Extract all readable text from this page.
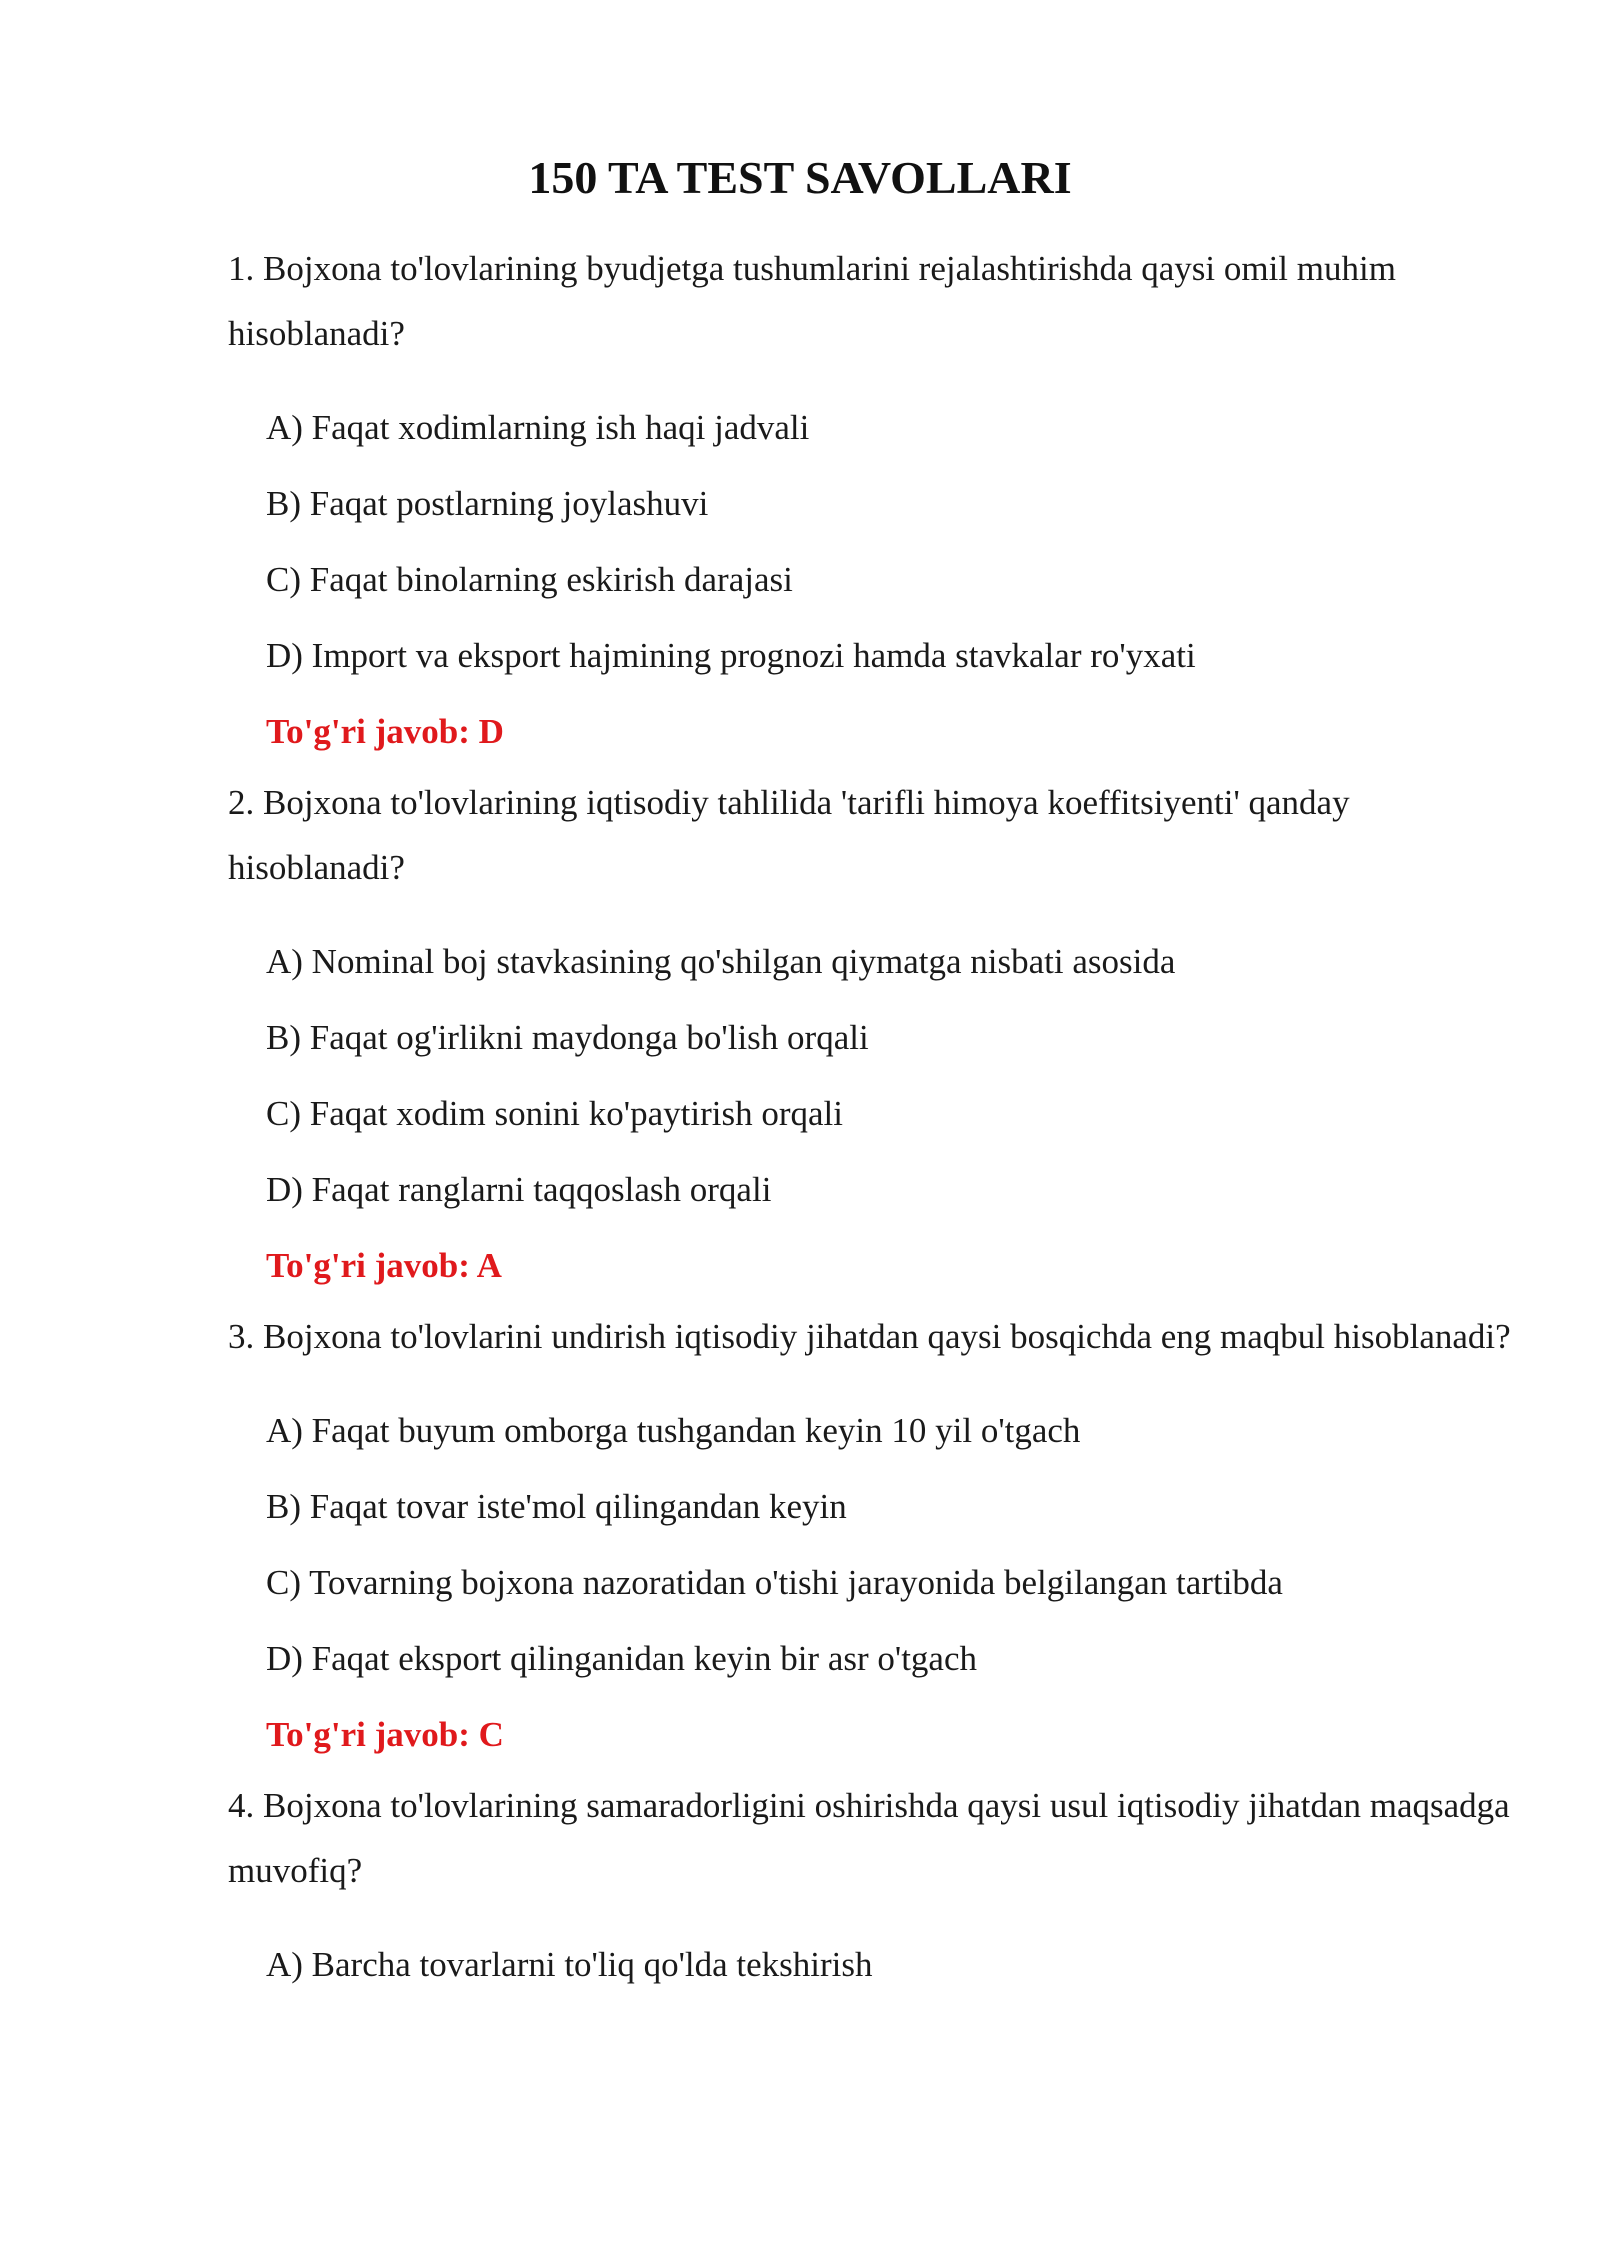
150 TA TEST SAVOLLARI

1. Bojxona to'lovlarining byudjetga tushumlarini rejalashtirishda qaysi omil muhim hisoblanadi?

A) Faqat xodimlarning ish haqi jadvali
B) Faqat postlarning joylashuvi
C) Faqat binolarning eskirish darajasi
D) Import va eksport hajmining prognozi hamda stavkalar ro'yxati

To'g'ri javob: D

2. Bojxona to'lovlarining iqtisodiy tahlilida 'tarifli himoya koeffitsiyenti' qanday hisoblanadi?

A) Nominal boj stavkasining qo'shilgan qiymatga nisbati asosida
B) Faqat og'irlikni maydonga bo'lish orqali
C) Faqat xodim sonini ko'paytirish orqali
D) Faqat ranglarni taqqoslash orqali

To'g'ri javob: A

3. Bojxona to'lovlarini undirish iqtisodiy jihatdan qaysi bosqichda eng maqbul hisoblanadi?

A) Faqat buyum omborga tushgandan keyin 10 yil o'tgach
B) Faqat tovar iste'mol qilingandan keyin
C) Tovarning bojxona nazoratidan o'tishi jarayonida belgilangan tartibda
D) Faqat eksport qilinganidan keyin bir asr o'tgach

To'g'ri javob: C

4. Bojxona to'lovlarining samaradorligini oshirishda qaysi usul iqtisodiy jihatdan maqsadga muvofiq?

A) Barcha tovarlarni to'liq qo'lda tekshirish
